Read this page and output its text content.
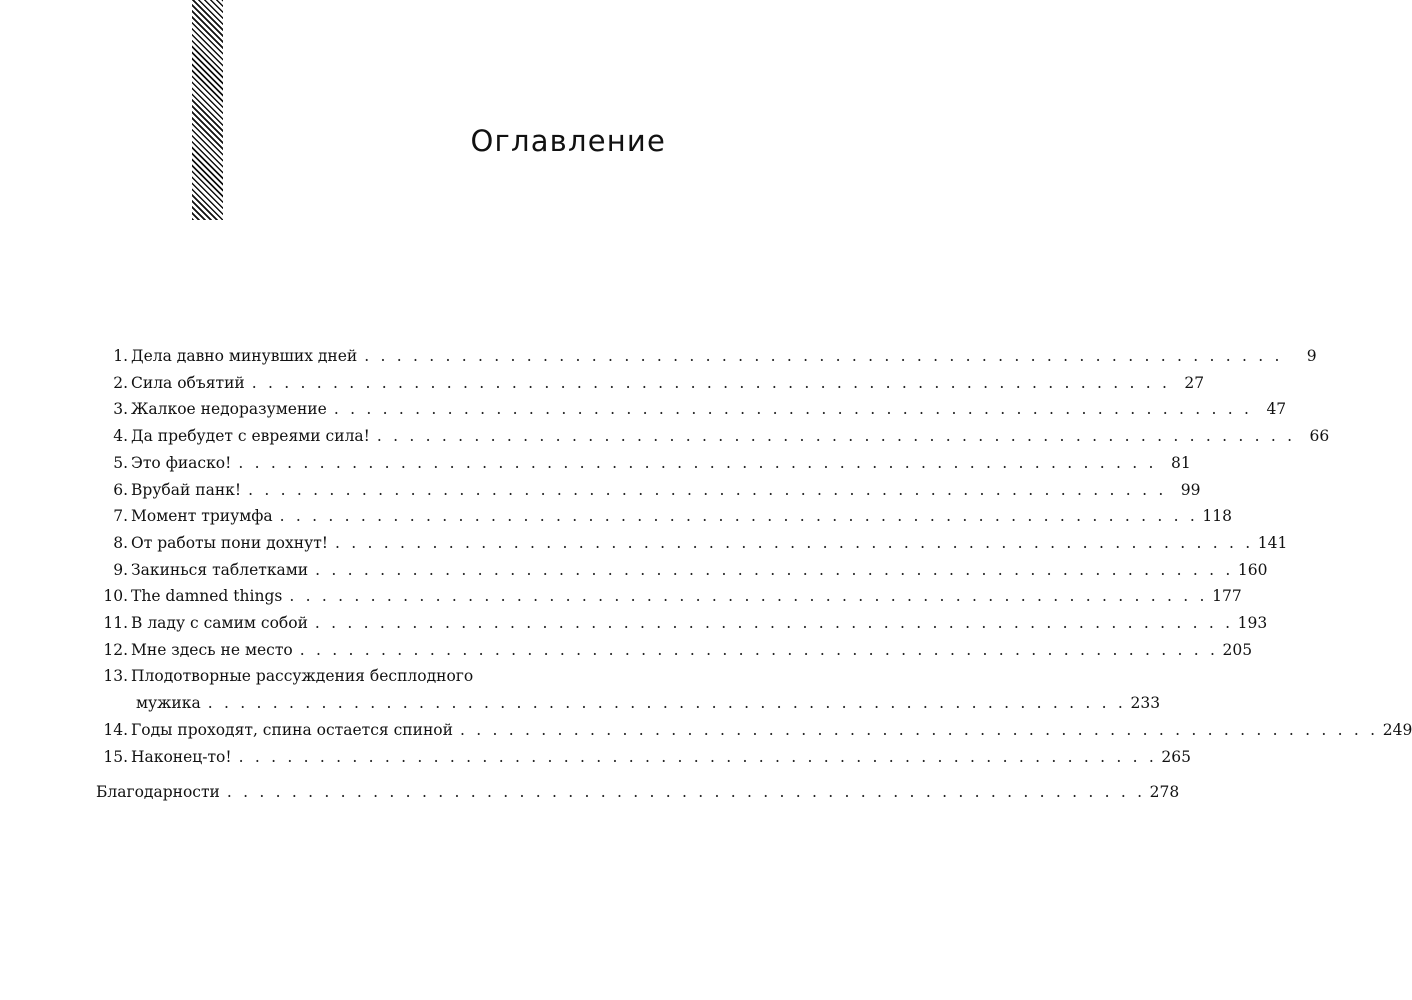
Оглавление
1. Дела давно минувших дней . . . . . . . . . . . . . . . . . . . . . . . . . . . . . . . . . . . . . . . . . . . . . . . . . . . . . . . . .	9
2. Сила объятий . . . . . . . . . . . . . . . . . . . . . . . . . . . . . . . . . . . . . . . . . . . . . . . . . . . . . . . . . 27
3. Жалкое недоразумение . . . . . . . . . . . . . . . . . . . . . . . . . . . . . . . . . . . . . . . . . . . . . . . . . . . . . . . . . 47
4. Да пребудет с евреями сила! . . . . . . . . . . . . . . . . . . . . . . . . . . . . . . . . . . . . . . . . . . . . . . . . . . . . . . . . . 66
5. Это фиаско! . . . . . . . . . . . . . . . . . . . . . . . . . . . . . . . . . . . . . . . . . . . . . . . . . . . . . . . . . 81
6. Врубай панк! . . . . . . . . . . . . . . . . . . . . . . . . . . . . . . . . . . . . . . . . . . . . . . . . . . . . . . . . . 99
7. Момент триумфа . . . . . . . . . . . . . . . . . . . . . . . . . . . . . . . . . . . . . . . . . . . . . . . . . . . . . . . . . 118
8. От работы пони дохнут! . . . . . . . . . . . . . . . . . . . . . . . . . . . . . . . . . . . . . . . . . . . . . . . . . . . . . . . . . 141
9. Закинься таблетками . . . . . . . . . . . . . . . . . . . . . . . . . . . . . . . . . . . . . . . . . . . . . . . . . . . . . . . . . 160
10. The damned things . . . . . . . . . . . . . . . . . . . . . . . . . . . . . . . . . . . . . . . . . . . . . . . . . . . . . . . . . 177
11. В ладу с самим собой . . . . . . . . . . . . . . . . . . . . . . . . . . . . . . . . . . . . . . . . . . . . . . . . . . . . . . . . . 193
12. Мне здесь не место . . . . . . . . . . . . . . . . . . . . . . . . . . . . . . . . . . . . . . . . . . . . . . . . . . . . . . . . . 205
13. Плодотворные рассуждения бесплодного
мужика . . . . . . . . . . . . . . . . . . . . . . . . . . . . . . . . . . . . . . . . . . . . . . . . . . . . . . . . . 233
14. Годы проходят, спина остается спиной . . . . . . . . . . . . . . . . . . . . . . . . . . . . . . . . . . . . . . . . . . . . . . . . . . . . . . . . . 249
15. Наконец-то! . . . . . . . . . . . . . . . . . . . . . . . . . . . . . . . . . . . . . . . . . . . . . . . . . . . . . . . . . 265
Благодарности . . . . . . . . . . . . . . . . . . . . . . . . . . . . . . . . . . . . . . . . . . . . . . . . . . . . . . . . . 278
